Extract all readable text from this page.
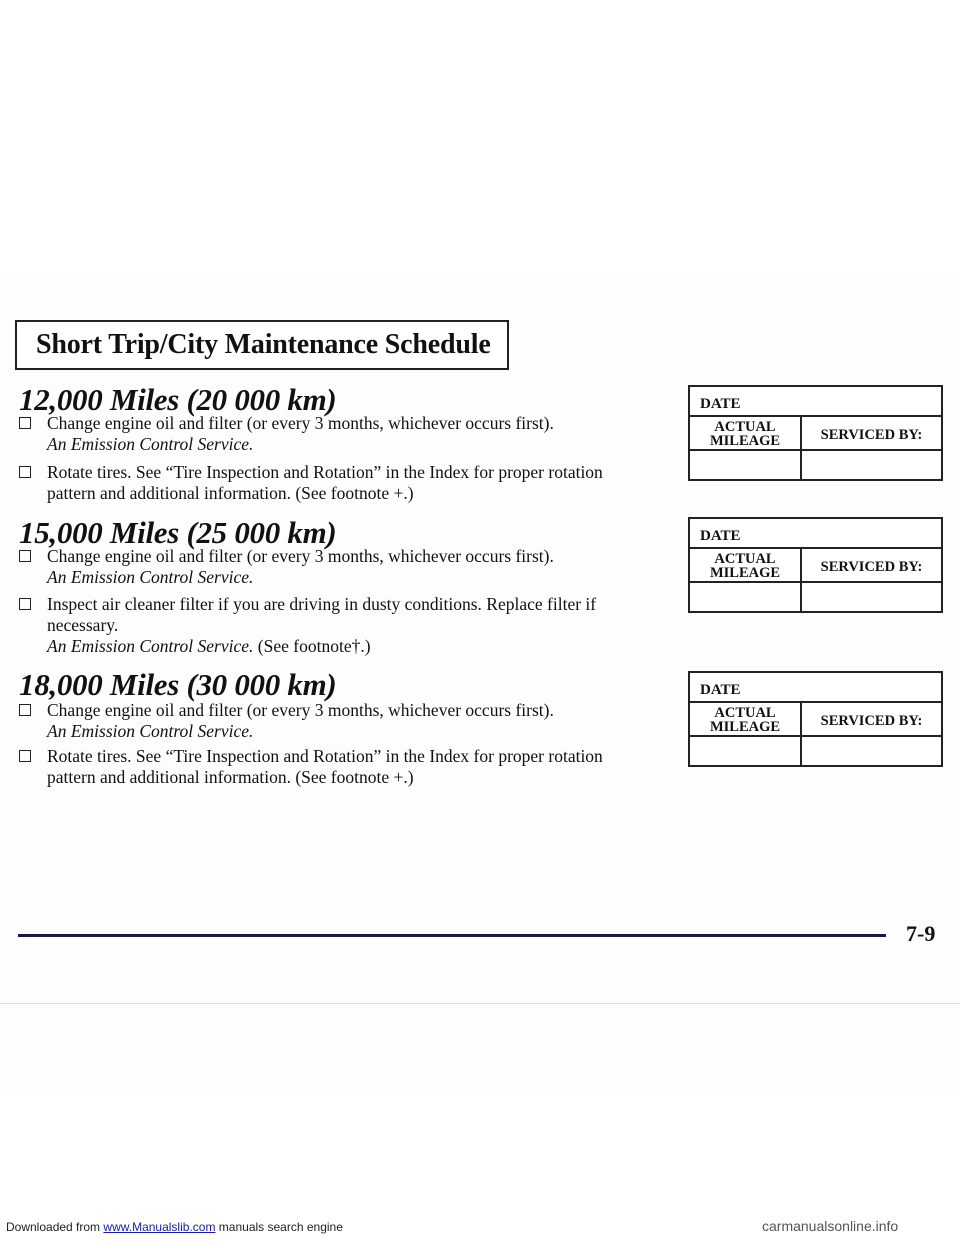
Short Trip/City Maintenance Schedule
12,000 Miles (20 000 km)
Change engine oil and filter (or every 3 months, whichever occurs first).
An Emission Control Service.
Rotate tires. See “Tire Inspection and Rotation” in the Index for proper rotation pattern and additional information. (See footnote +.)
15,000 Miles (25 000 km)
Change engine oil and filter (or every 3 months, whichever occurs first).
An Emission Control Service.
Inspect air cleaner filter if you are driving in dusty conditions. Replace filter if necessary.
An Emission Control Service. (See footnote†.)
18,000 Miles (30 000 km)
Change engine oil and filter (or every 3 months, whichever occurs first).
An Emission Control Service.
Rotate tires. See “Tire Inspection and Rotation” in the Index for proper rotation pattern and additional information. (See footnote +.)
DATE
ACTUAL
MILEAGE	SERVICED BY:
DATE
ACTUAL
MILEAGE	SERVICED BY:
DATE
ACTUAL
MILEAGE	SERVICED BY:
7-9
Downloaded from www.Manualslib.com manuals search engine	carmanualsonline.info
